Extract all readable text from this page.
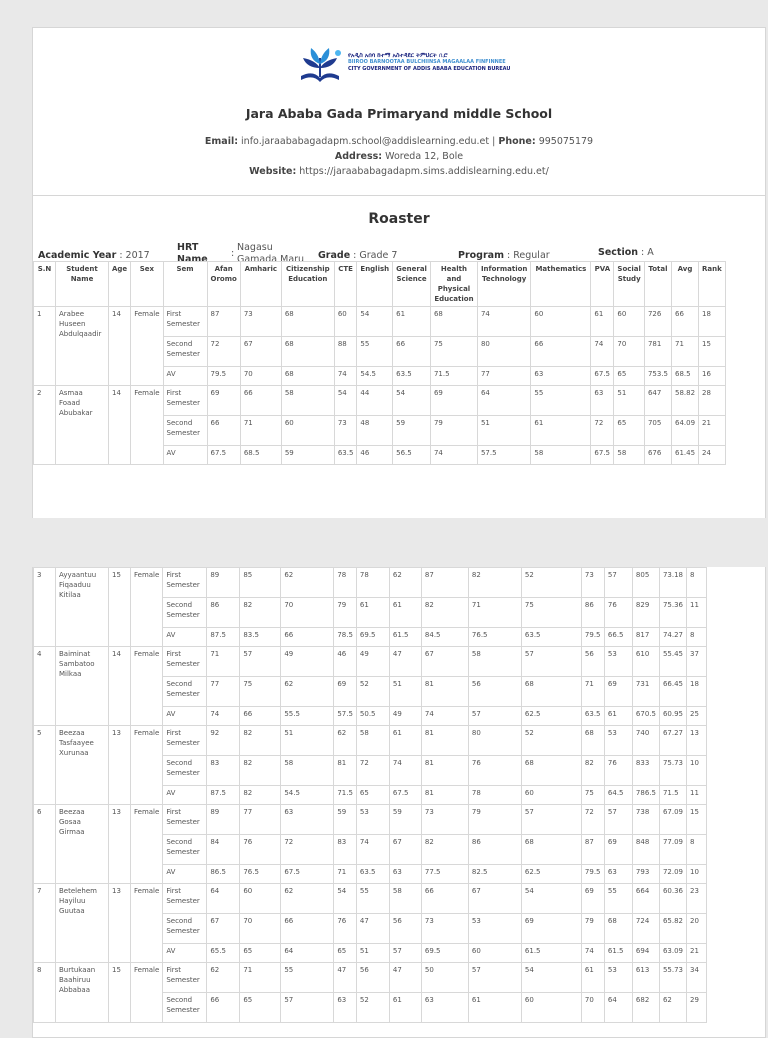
የአዲስ አበባ ከተማ አስተዳደር ትምህርት ቢሮ
BIIROO BARNOOTAA BULCHIINSA MAGAALAA FINFINNEE
CITY GOVERNMENT OF ADDIS ABABA EDUCATION BUREAU
Jara Ababa Gada Primaryand middle School
Email: info.jaraababagadapm.school@addislearning.edu.et | Phone: 995075179
Address: Woreda 12, Bole
Website: https://jaraababagadapm.sims.addislearning.edu.et/
Roaster
Academic Year : 2017
HRT
Name
:
Nagasu
Gamada Maru Grade : Grade 7	Program : Regular	Section : A
S.N	Student Name	Age	Sex	Sem	Afan Oromo	Amharic	Citizenship Education	CTE	English	General Science	Health and Physical Education	Information Technology	Mathematics	PVA	Social Study	Total	Avg	Rank
1	Arabee Huseen Abdulqaadir	14	Female	First Semester	87	73	68	60	54	61	68	74	60	61	60	726	66	18
				Second Semester	72	67	68	88	55	66	75	80	66	74	70	781	71	15
				AV	79.5	70	68	74	54.5	63.5	71.5	77	63	67.5	65	753.5	68.5	16
2	Asmaa Foaad Abubakar	14	Female	First Semester	69	66	58	54	44	54	69	64	55	63	51	647	58.82	28
				Second Semester	66	71	60	73	48	59	79	51	61	72	65	705	64.09	21
				AV	67.5	68.5	59	63.5	46	56.5	74	57.5	58	67.5	58	676	61.45	24
3	Ayyaantuu Fiqaaduu Kitilaa	15	Female	First Semester	89	85	62	78	78	62	87	82	52	73	57	805	73.18	8
				Second Semester	86	82	70	79	61	61	82	71	75	86	76	829	75.36	11
				AV	87.5	83.5	66	78.5	69.5	61.5	84.5	76.5	63.5	79.5	66.5	817	74.27	8
4	Baiminat Sambatoo Milkaa	14	Female	First Semester	71	57	49	46	49	47	67	58	57	56	53	610	55.45	37
				Second Semester	77	75	62	69	52	51	81	56	68	71	69	731	66.45	18
				AV	74	66	55.5	57.5	50.5	49	74	57	62.5	63.5	61	670.5	60.95	25
5	Beezaa Tasfaayee Xurunaa	13	Female	First Semester	92	82	51	62	58	61	81	80	52	68	53	740	67.27	13
				Second Semester	83	82	58	81	72	74	81	76	68	82	76	833	75.73	10
				AV	87.5	82	54.5	71.5	65	67.5	81	78	60	75	64.5	786.5	71.5	11
6	Beezaa Gosaa Girmaa	13	Female	First Semester	89	77	63	59	53	59	73	79	57	72	57	738	67.09	15
				Second Semester	84	76	72	83	74	67	82	86	68	87	69	848	77.09	8
				AV	86.5	76.5	67.5	71	63.5	63	77.5	82.5	62.5	79.5	63	793	72.09	10
7	Betelehem Hayiluu Guutaa	13	Female	First Semester	64	60	62	54	55	58	66	67	54	69	55	664	60.36	23
				Second Semester	67	70	66	76	47	56	73	53	69	79	68	724	65.82	20
				AV	65.5	65	64	65	51	57	69.5	60	61.5	74	61.5	694	63.09	21
8	Burtukaan Baahiruu Abbabaa	15	Female	First Semester	62	71	55	47	56	47	50	57	54	61	53	613	55.73	34
				Second Semester	66	65	57	63	52	61	63	61	60	70	64	682	62	29
